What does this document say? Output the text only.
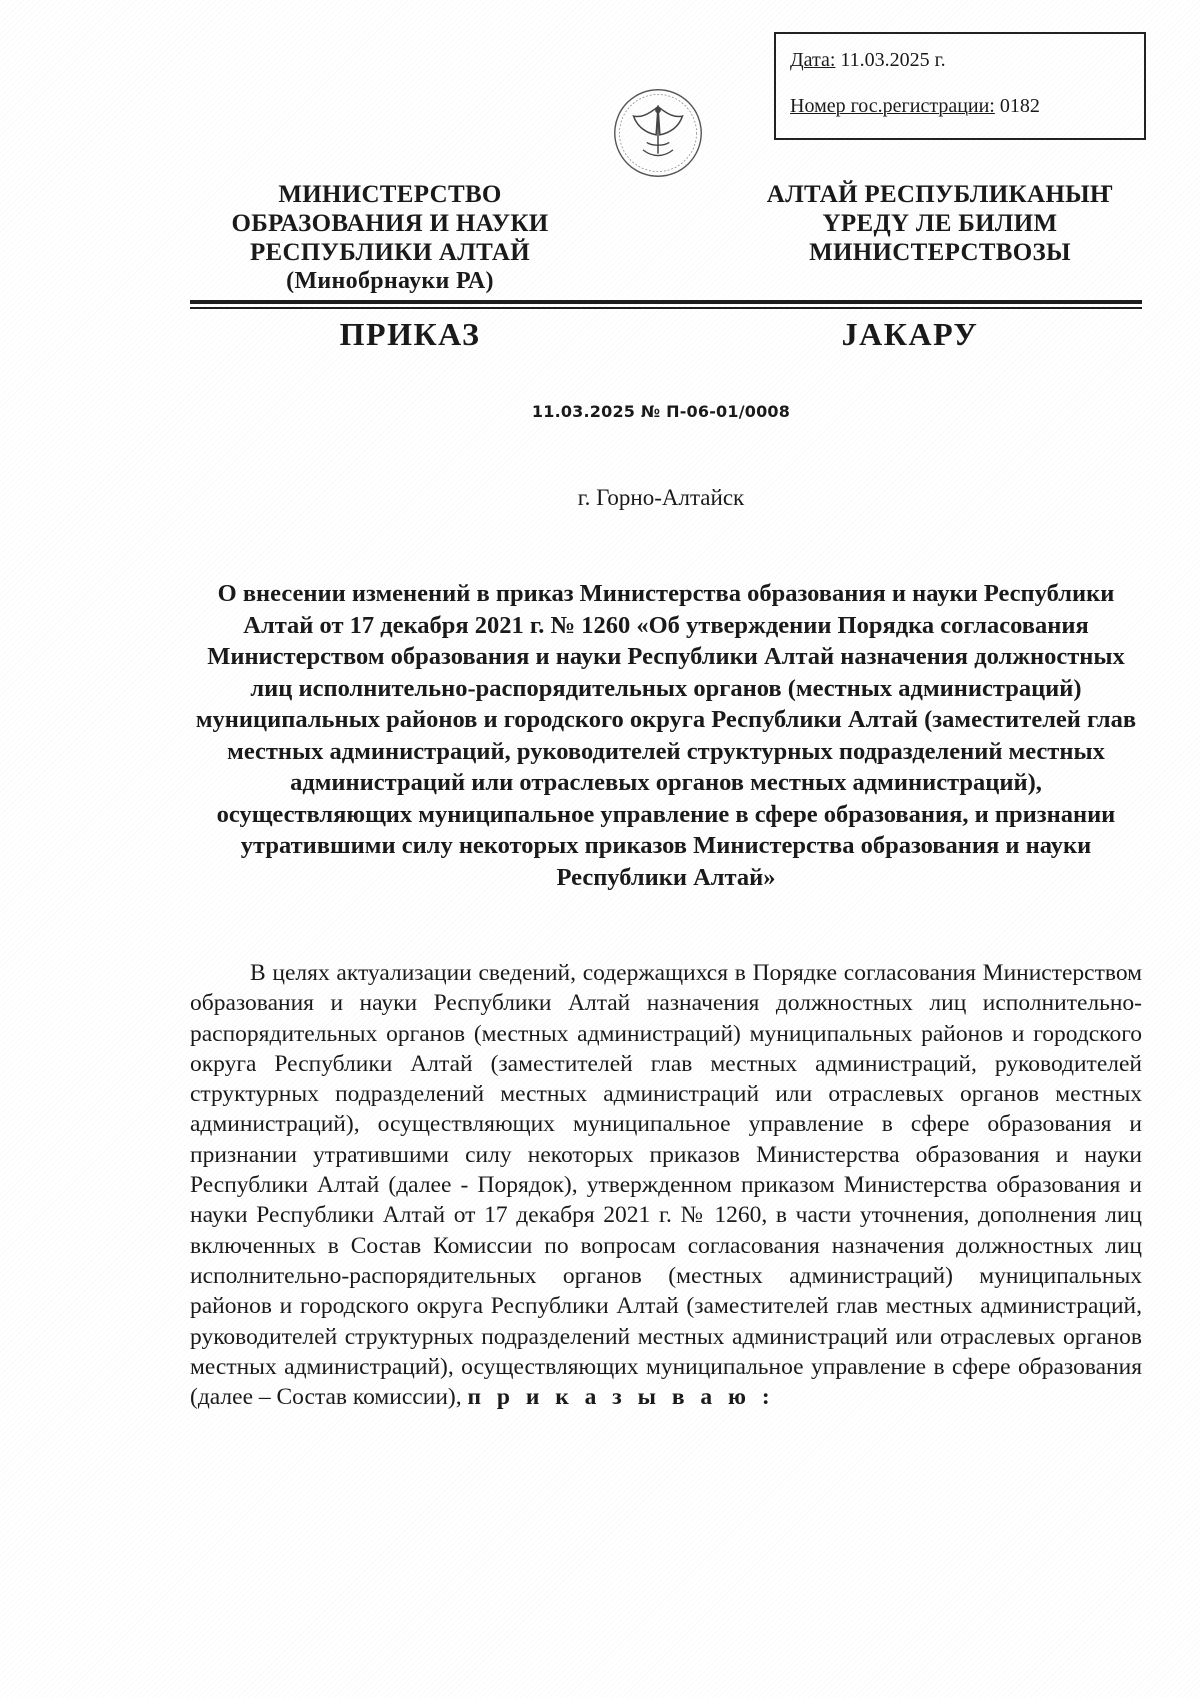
Дата: 11.03.2025 г.
Номер гос.регистрации: 0182
МИНИСТЕРСТВО
ОБРАЗОВАНИЯ И НАУКИ
РЕСПУБЛИКИ АЛТАЙ
(Минобрнауки РА)
АЛТАЙ РЕСПУБЛИКАНЫҤ
ҮРЕДҮ ЛЕ БИЛИМ
МИНИСТЕРСТВОЗЫ
ПРИКАЗ	ЈАКАРУ
11.03.2025 № П-06-01/0008
г. Горно-Алтайск
О внесении изменений в приказ Министерства образования и науки Республики Алтай от 17 декабря 2021 г. № 1260 «Об утверждении Порядка согласования Министерством образования и науки Республики Алтай назначения должностных лиц исполнительно-распорядительных органов (местных администраций) муниципальных районов и городского округа Республики Алтай (заместителей глав местных администраций, руководителей структурных подразделений местных администраций или отраслевых органов местных администраций), осуществляющих муниципальное управление в сфере образования, и признании утратившими силу некоторых приказов Министерства образования и науки Республики Алтай»
В целях актуализации сведений, содержащихся в Порядке согласования Министерством образования и науки Республики Алтай назначения должностных лиц исполнительно-распорядительных органов (местных администраций) муниципальных районов и городского округа Республики Алтай (заместителей глав местных администраций, руководителей структурных подразделений местных администраций или отраслевых органов местных администраций), осуществляющих муниципальное управление в сфере образования и признании утратившими силу некоторых приказов Министерства образования и науки Республики Алтай (далее - Порядок), утвержденном приказом Министерства образования и науки Республики Алтай от 17 декабря 2021 г. № 1260, в части уточнения, дополнения лиц включенных в Состав Комиссии по вопросам согласования назначения должностных лиц исполнительно-распорядительных органов (местных администраций) муниципальных районов и городского округа Республики Алтай (заместителей глав местных администраций, руководителей структурных подразделений местных администраций или отраслевых органов местных администраций), осуществляющих муниципальное управление в сфере образования (далее – Состав комиссии), п р и к а з ы в а ю :
